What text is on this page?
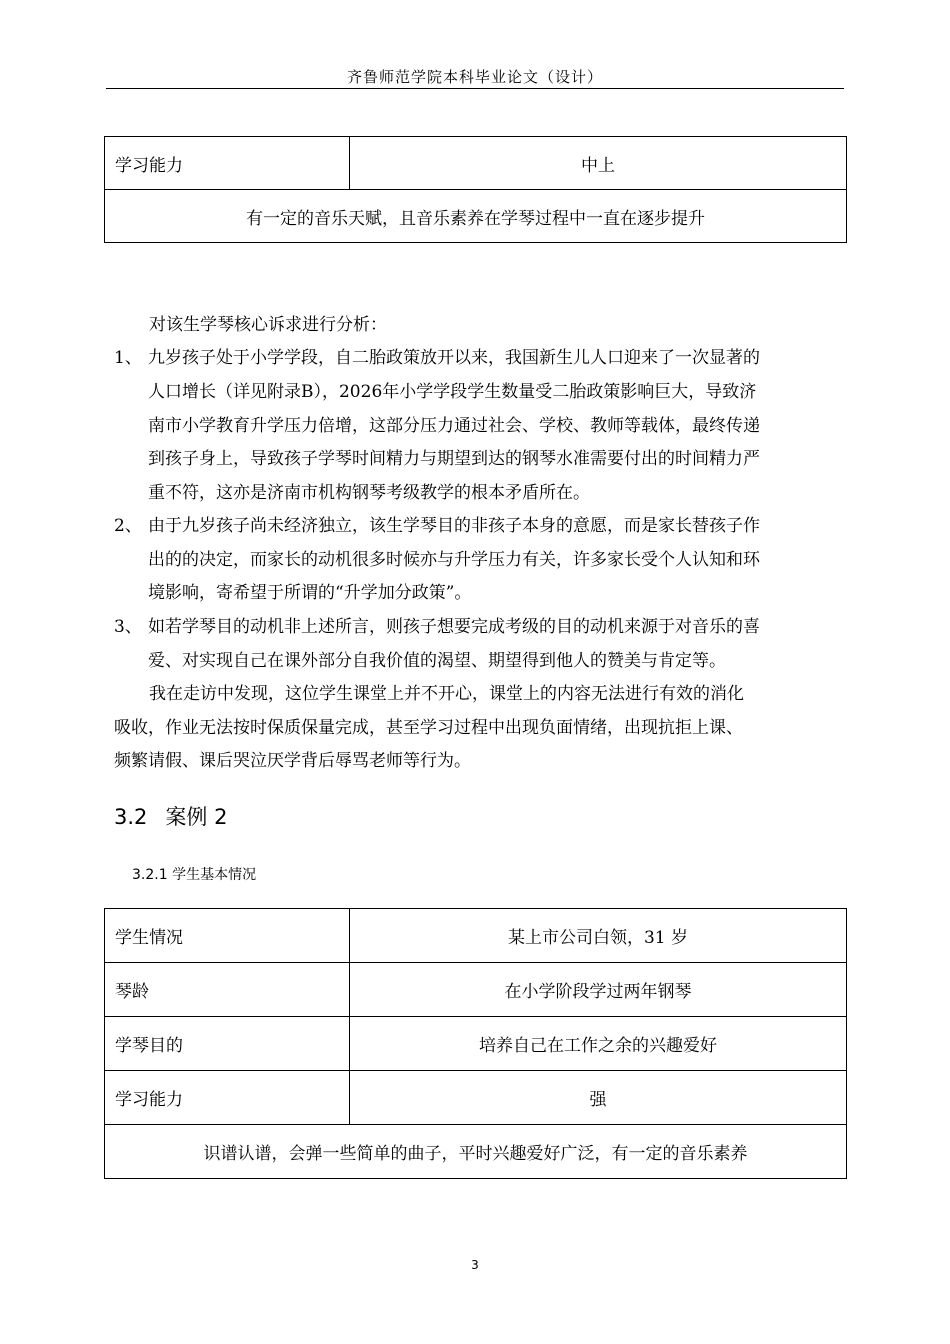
齐鲁师范学院本科毕业论文（设计）
学习能力	中上
有一定的音乐天赋，且音乐素养在学琴过程中一直在逐步提升
对该生学琴核心诉求进行分析：
1、 九岁孩子处于小学学段，自二胎政策放开以来，我国新生儿人口迎来了一次显著的
人口增长（详见附录B），2026年小学学段学生数量受二胎政策影响巨大，导致济
南市小学教育升学压力倍增，这部分压力通过社会、学校、教师等载体，最终传递
到孩子身上，导致孩子学琴时间精力与期望到达的钢琴水准需要付出的时间精力严
重不符，这亦是济南市机构钢琴考级教学的根本矛盾所在。
2、 由于九岁孩子尚未经济独立，该生学琴目的非孩子本身的意愿，而是家长替孩子作
出的的决定，而家长的动机很多时候亦与升学压力有关，许多家长受个人认知和环
境影响，寄希望于所谓的“升学加分政策”。
3、 如若学琴目的动机非上述所言，则孩子想要完成考级的目的动机来源于对音乐的喜
爱、对实现自己在课外部分自我价值的渴望、期望得到他人的赞美与肯定等。
我在走访中发现，这位学生课堂上并不开心，课堂上的内容无法进行有效的消化
吸收，作业无法按时保质保量完成，甚至学习过程中出现负面情绪，出现抗拒上课、
频繁请假、课后哭泣厌学背后辱骂老师等行为。
3.2 案例 2
3.2.1 学生基本情况
学生情况	某上市公司白领，31 岁
琴龄	在小学阶段学过两年钢琴
学琴目的	培养自己在工作之余的兴趣爱好
学习能力	强
识谱认谱，会弹一些简单的曲子，平时兴趣爱好广泛，有一定的音乐素养	
3
